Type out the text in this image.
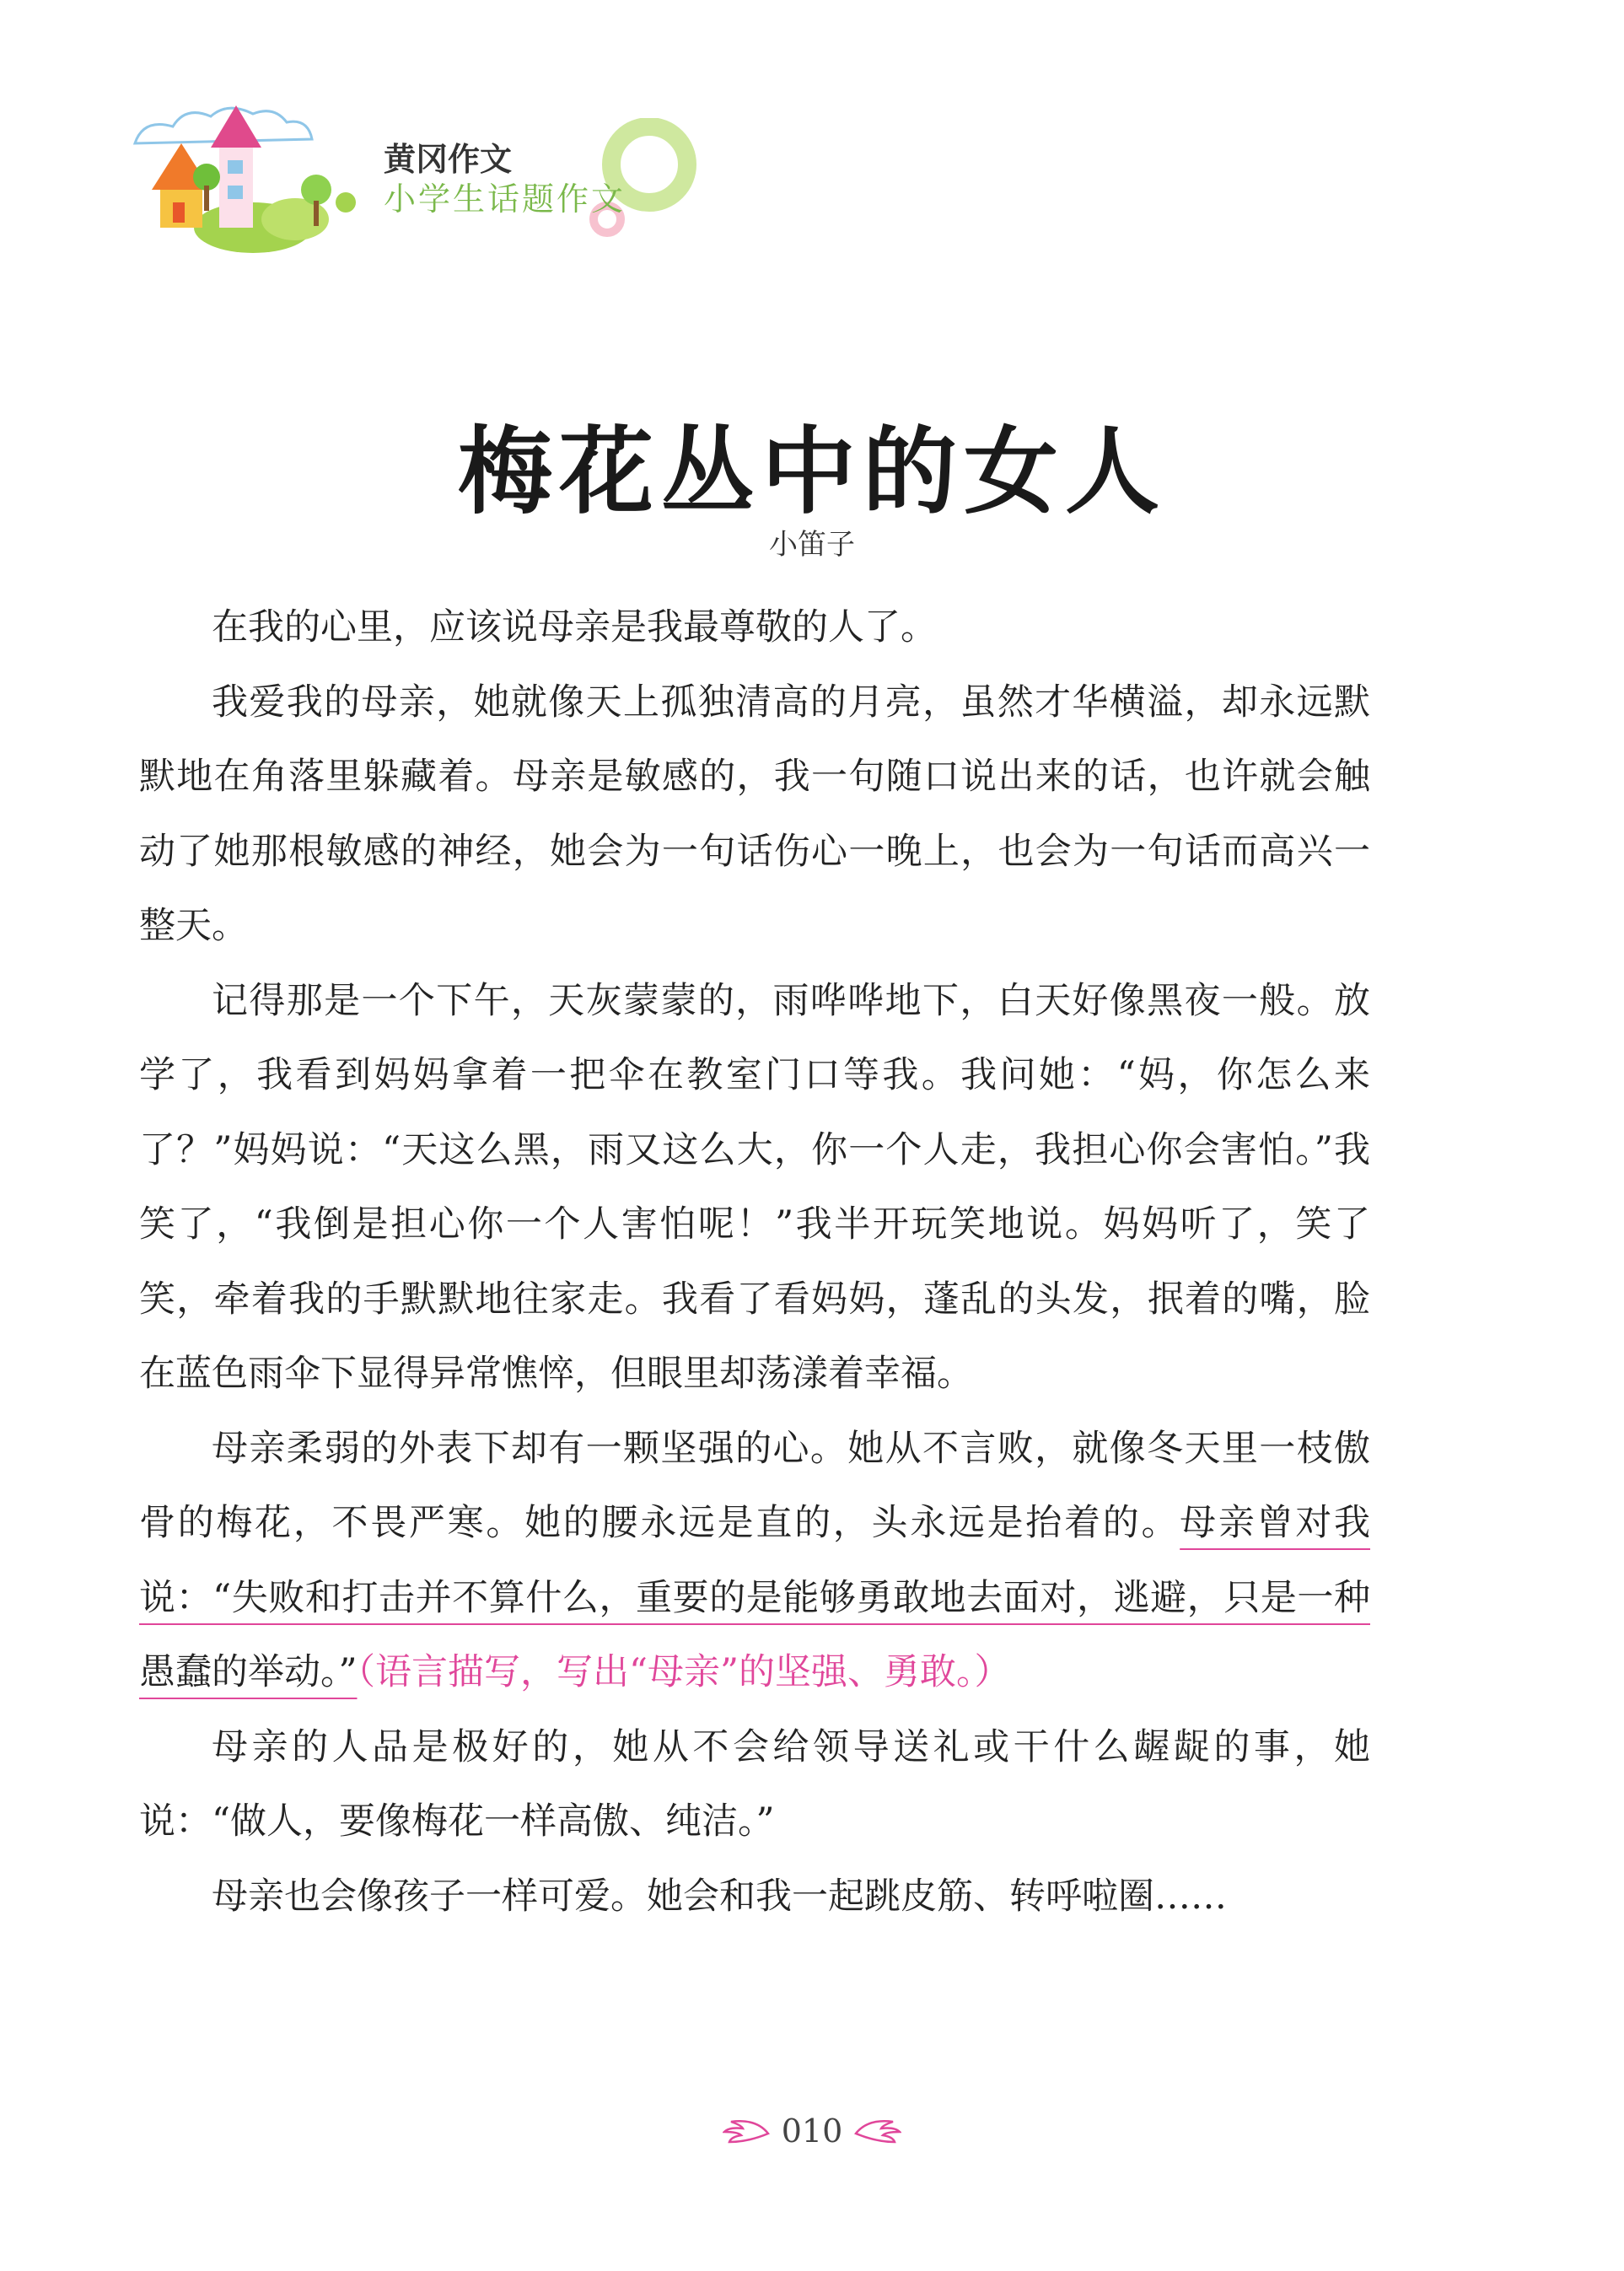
黄冈作文
小学生话题作文
梅花丛中的女人
小笛子

在我的心里，应该说母亲是我最尊敬的人了。

我爱我的母亲，她就像天上孤独清高的月亮，虽然才华横溢，却永远默默地在角落里躲藏着。母亲是敏感的，我一句随口说出来的话，也许就会触动了她那根敏感的神经，她会为一句话伤心一晚上，也会为一句话而高兴一整天。

记得那是一个下午，天灰蒙蒙的，雨哗哗地下，白天好像黑夜一般。放学了，我看到妈妈拿着一把伞在教室门口等我。我问她：“妈，你怎么来了？”妈妈说：“天这么黑，雨又这么大，你一个人走，我担心你会害怕。”我笑了，“我倒是担心你一个人害怕呢！”我半开玩笑地说。妈妈听了，笑了笑，牵着我的手默默地往家走。我看了看妈妈，蓬乱的头发，抿着的嘴，脸在蓝色雨伞下显得异常憔悴，但眼里却荡漾着幸福。

母亲柔弱的外表下却有一颗坚强的心。她从不言败，就像冬天里一枝傲骨的梅花，不畏严寒。她的腰永远是直的，头永远是抬着的。母亲曾对我说：“失败和打击并不算什么，重要的是能够勇敢地去面对，逃避，只是一种愚蠢的举动。”（语言描写，写出“母亲”的坚强、勇敢。）

母亲的人品是极好的，她从不会给领导送礼或干什么龌龊的事，她说：“做人，要像梅花一样高傲、纯洁。”

母亲也会像孩子一样可爱。她会和我一起跳皮筋、转呼啦圈……

010
